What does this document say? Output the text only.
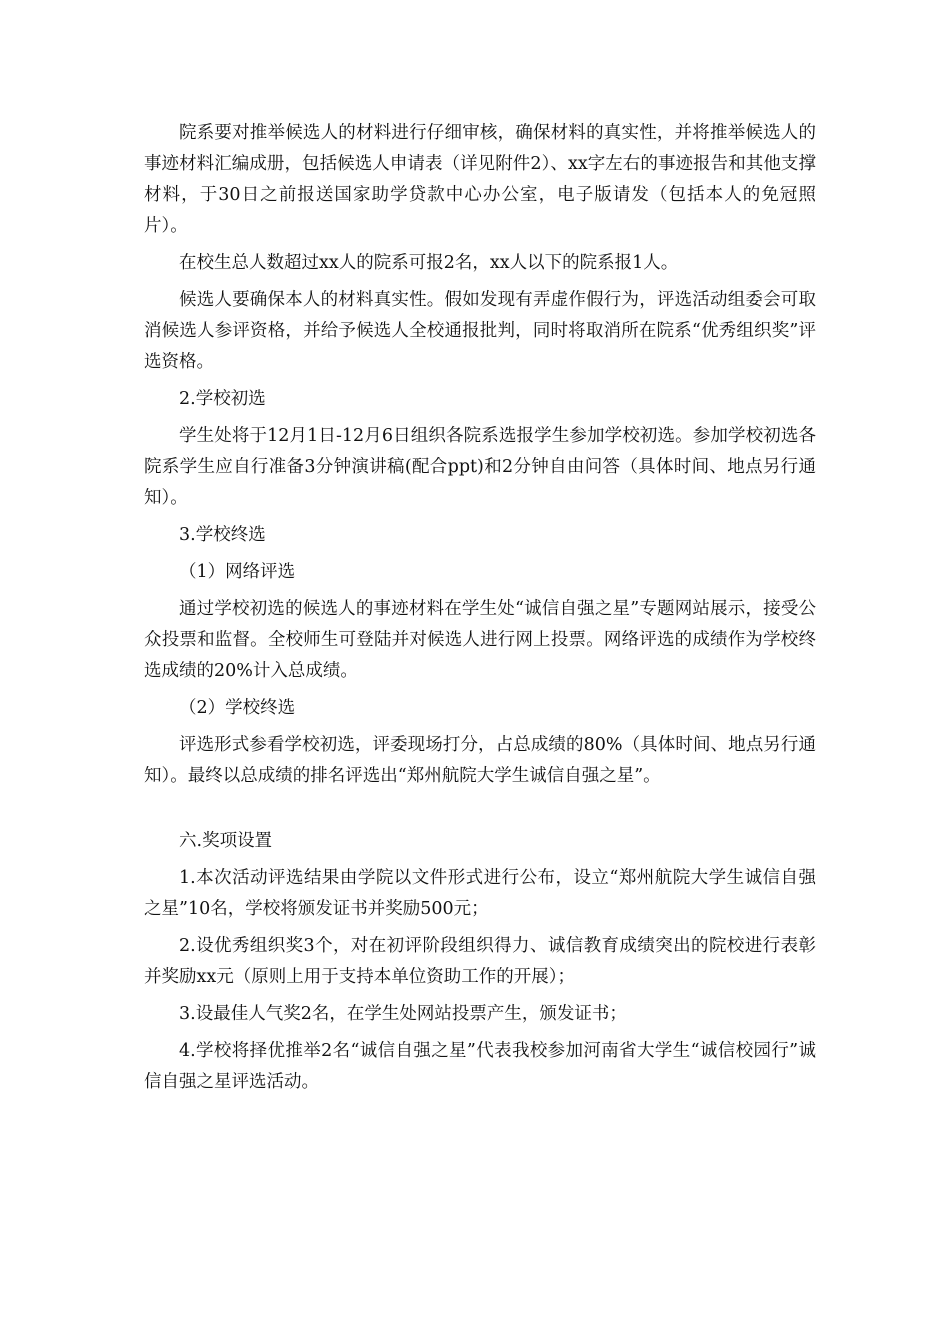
院系要对推举候选人的材料进行仔细审核，确保材料的真实性，并将推举候选人的事迹材料汇编成册，包括候选人申请表（详见附件2）、xx字左右的事迹报告和其他支撑材料，于30日之前报送国家助学贷款中心办公室，电子版请发（包括本人的免冠照片）。

在校生总人数超过xx人的院系可报2名，xx人以下的院系报1人。

候选人要确保本人的材料真实性。假如发现有弄虚作假行为，评选活动组委会可取消候选人参评资格，并给予候选人全校通报批判，同时将取消所在院系“优秀组织奖”评选资格。

2.学校初选

学生处将于12月1日-12月6日组织各院系选报学生参加学校初选。参加学校初选各院系学生应自行准备3分钟演讲稿(配合ppt)和2分钟自由问答（具体时间、地点另行通知）。

3.学校终选

（1）网络评选

通过学校初选的候选人的事迹材料在学生处“诚信自强之星”专题网站展示，接受公众投票和监督。全校师生可登陆并对候选人进行网上投票。网络评选的成绩作为学校终选成绩的20%计入总成绩。

（2）学校终选

评选形式参看学校初选，评委现场打分，占总成绩的80%（具体时间、地点另行通知）。最终以总成绩的排名评选出“郑州航院大学生诚信自强之星”。

六.奖项设置

1.本次活动评选结果由学院以文件形式进行公布，设立“郑州航院大学生诚信自强之星”10名，学校将颁发证书并奖励500元；

2.设优秀组织奖3个，对在初评阶段组织得力、诚信教育成绩突出的院校进行表彰并奖励xx元（原则上用于支持本单位资助工作的开展）；

3.设最佳人气奖2名，在学生处网站投票产生，颁发证书；

4.学校将择优推举2名“诚信自强之星”代表我校参加河南省大学生“诚信校园行”诚信自强之星评选活动。
